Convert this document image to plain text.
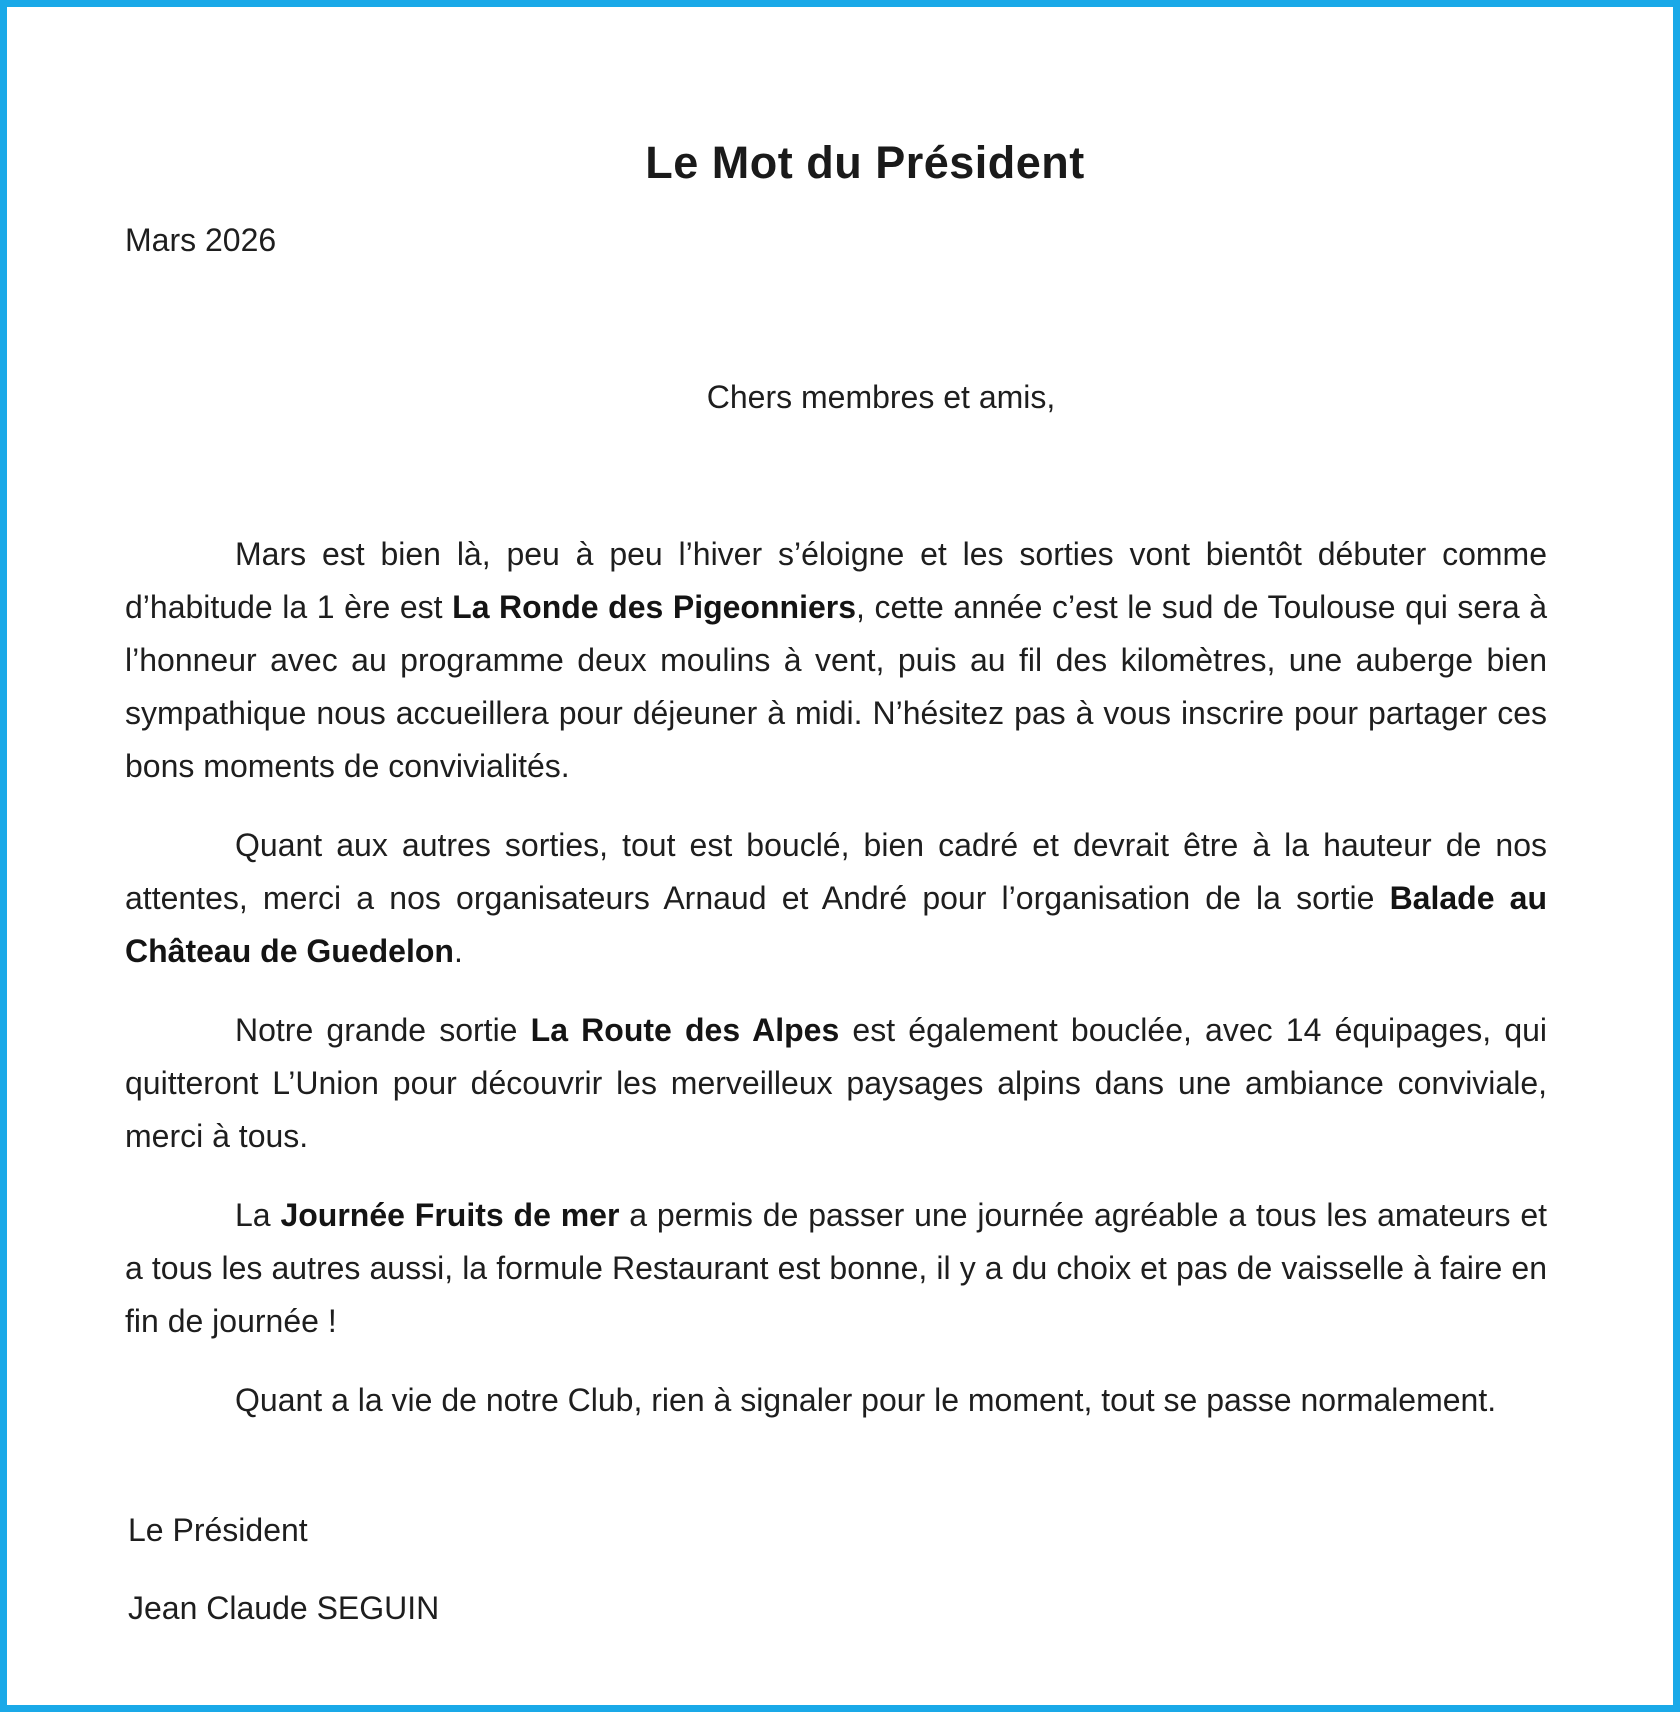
Le Mot du Président

Mars 2026

Chers membres et amis,

Mars est bien là, peu à peu l’hiver s’éloigne et les sorties vont bientôt débuter comme d’habitude la 1 ère est La Ronde des Pigeonniers, cette année c’est le sud de Toulouse qui sera à l’honneur avec au programme deux moulins à vent, puis au fil des kilomètres, une auberge bien sympathique nous accueillera pour déjeuner à midi. N’hésitez pas à vous inscrire pour partager ces bons moments de convivialités.

Quant aux autres sorties, tout est bouclé, bien cadré et devrait être à la hauteur de nos attentes, merci a nos organisateurs Arnaud et André pour l’organisation de la sortie Balade au Château de Guedelon.

Notre grande sortie La Route des Alpes est également bouclée, avec 14 équipages, qui quitteront L’Union pour découvrir les merveilleux paysages alpins dans une ambiance conviviale, merci à tous.

La Journée Fruits de mer a permis de passer une journée agréable a tous les amateurs et a tous les autres aussi, la formule Restaurant est bonne, il y a du choix et pas de vaisselle à faire en fin de journée !

Quant a la vie de notre Club, rien à signaler pour le moment, tout se passe normalement.

Le Président

Jean Claude SEGUIN
